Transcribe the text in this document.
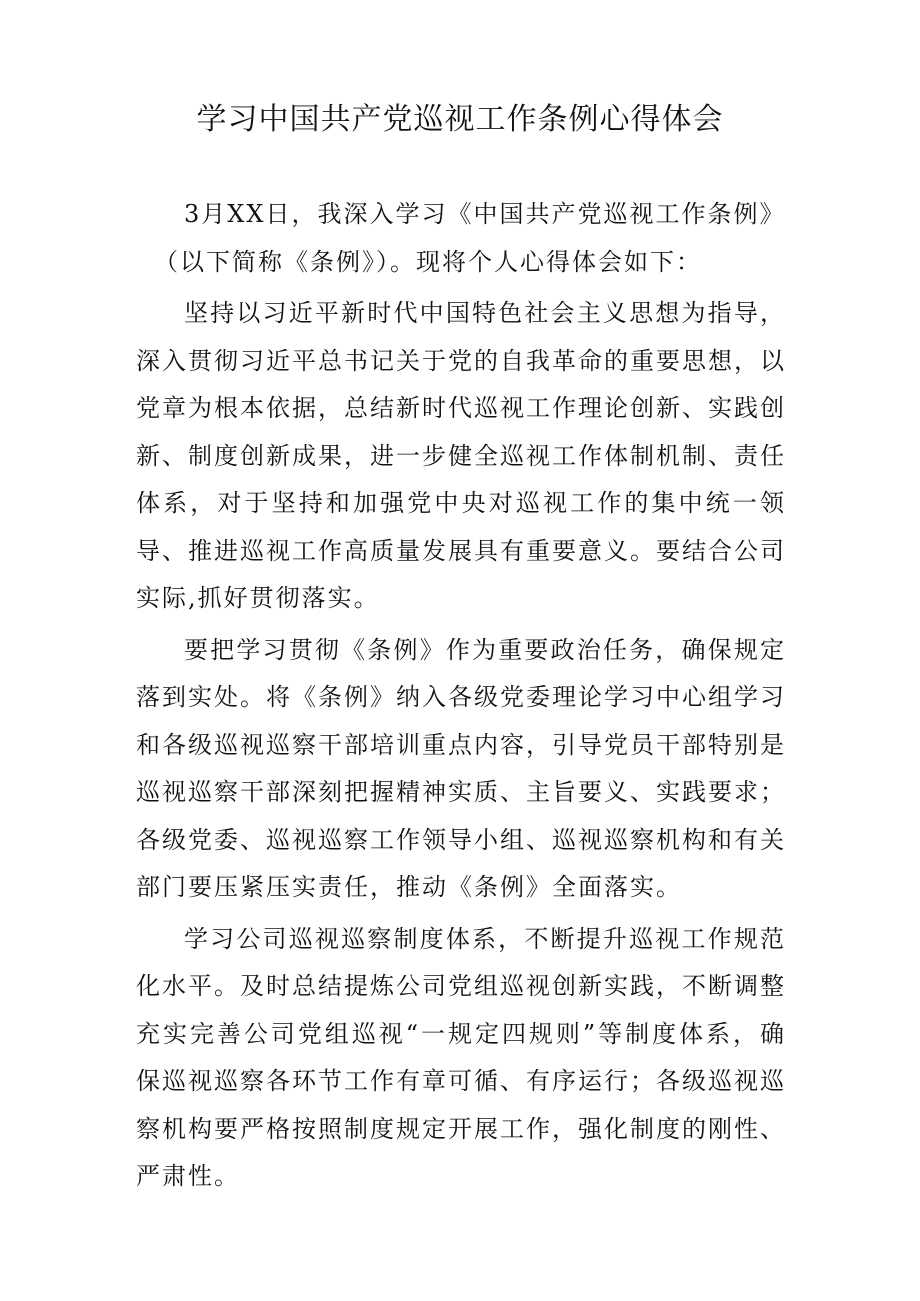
学习中国共产党巡视工作条例心得体会

3月XX日，我深入学习《中国共产党巡视工作条例》
（以下简称《条例》）。现将个人心得体会如下：

坚持以习近平新时代中国特色社会主义思想为指导，深入贯彻习近平总书记关于党的自我革命的重要思想，以党章为根本依据，总结新时代巡视工作理论创新、实践创新、制度创新成果，进一步健全巡视工作体制机制、责任体系，对于坚持和加强党中央对巡视工作的集中统一领导、推进巡视工作高质量发展具有重要意义。要结合公司实际,抓好贯彻落实。

要把学习贯彻《条例》作为重要政治任务，确保规定落到实处。将《条例》纳入各级党委理论学习中心组学习和各级巡视巡察干部培训重点内容，引导党员干部特别是巡视巡察干部深刻把握精神实质、主旨要义、实践要求；各级党委、巡视巡察工作领导小组、巡视巡察机构和有关部门要压紧压实责任，推动《条例》全面落实。

学习公司巡视巡察制度体系，不断提升巡视工作规范化水平。及时总结提炼公司党组巡视创新实践，不断调整充实完善公司党组巡视“一规定四规则”等制度体系，确保巡视巡察各环节工作有章可循、有序运行；各级巡视巡察机构要严格按照制度规定开展工作，强化制度的刚性、严肃性。
